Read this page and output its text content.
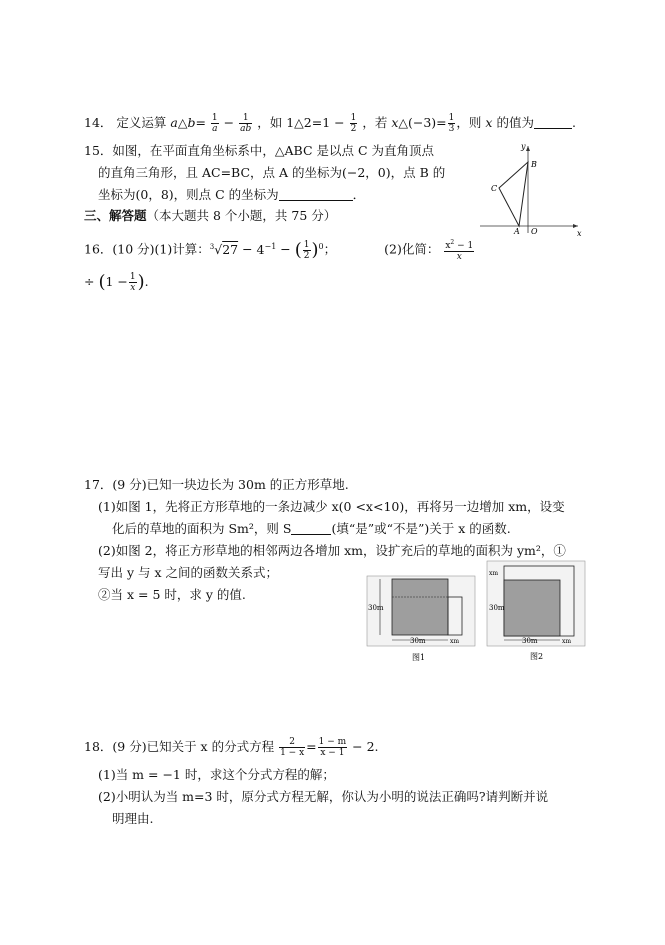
14． 定义运算 a△b= $\frac{1}{a} - \frac{1}{ab}$ ，如 1△2=1 − $\frac{1}{2}$ ，若 x△(−3)= $\frac{1}{3}$ ，则 x 的值为	.
15．如图，在平面直角坐标系中，△ABC 是以点 C 为直角顶点
的直角三角形，且 AC=BC，点 A 的坐标为(−2，0)，点 B 的
坐标为(0，8)，则点 C 的坐标为	．
x
y
A
B
C
O
三、解答题（本大题共 8 个小题，共 75 分）
16．(10 分)(1)计算：$^3√27 - 4^{-1}$ − ( $\frac{1}{2} )^0$；	(2)化简： $\frac{x^2 - 1}{x}$
÷ ($1 - \frac{1}{x}$ ).
17．(9 分)已知一块边长为 30m 的正方形草地.
(1)如图 1，先将正方形草地的一条边减少 x(0 <x<10)，再将另一边增加 xm，设变
化后的草地的面积为 Sm²，则 S	(填“是”或“不是”)关于 x 的函数.
(2)如图 2，将正方形草地的相邻两边各增加 xm，设扩充后的草地的面积为 ym²，①
写出 y 与 x 之间的函数关系式；
②当 x = 5 时，求 y 的值.
30m
30m	xm
图1
xm
30m
30m	xm
图2
18．(9 分)已知关于 x 的分式方程 $\frac{2}{1 - x} = \frac{1 - m}{x - 1} - 2$.
(1)当 m = −1 时，求这个分式方程的解；
(2)小明认为当 m=3 时，原分式方程无解，你认为小明的说法正确吗?请判断并说
明理由.
